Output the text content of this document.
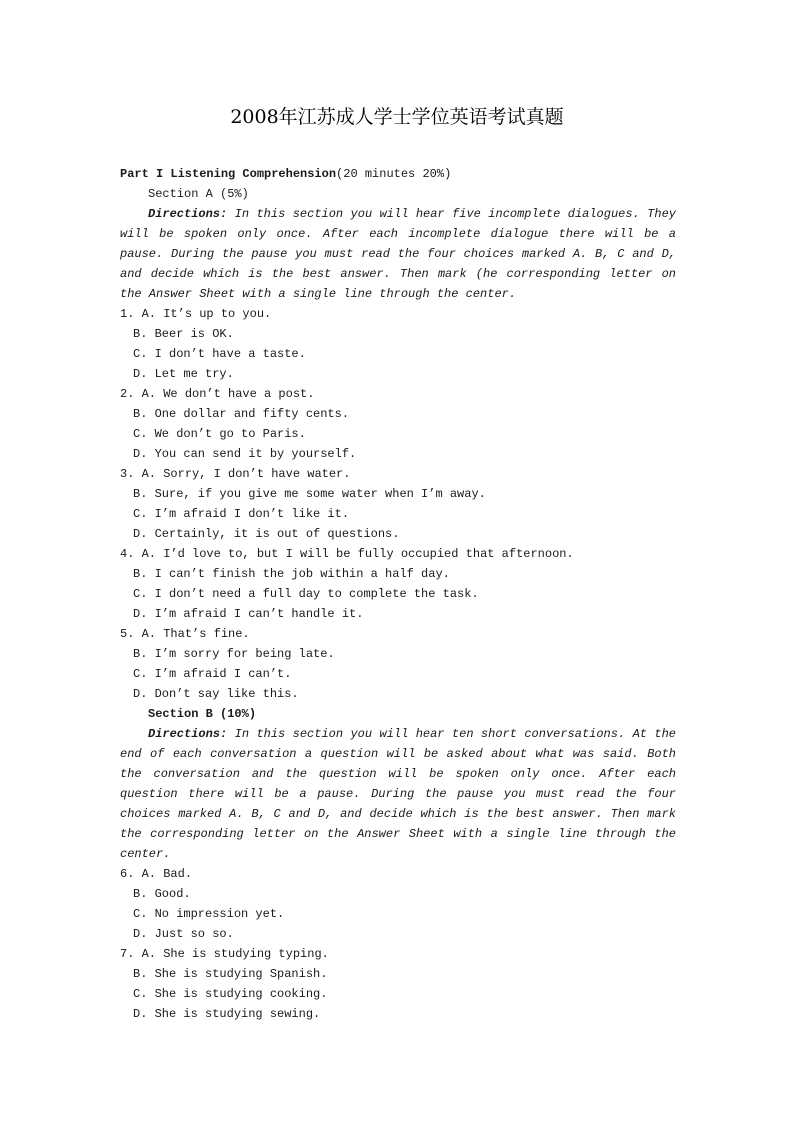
2008年江苏成人学士学位英语考试真题
Part I Listening Comprehension(20 minutes 20%)
Section A (5%)
Directions: In this section you will hear five incomplete dialogues. They will be spoken only once. After each incomplete dialogue there will be a pause. During the pause you must read the four choices marked A. B, C and D, and decide which is the best answer. Then mark (he corresponding letter on the Answer Sheet with a single line through the center.
1. A. It’s up to you.
B. Beer is OK.
C. I don’t have a taste.
D. Let me try.
2. A. We don’t have a post.
B. One dollar and fifty cents.
C. We don’t go to Paris.
D. You can send it by yourself.
3. A. Sorry, I don’t have water.
B. Sure, if you give me some water when I’m away.
C. I’m afraid I don’t like it.
D. Certainly, it is out of questions.
4. A. I’d love to, but I will be fully occupied that afternoon.
B. I can’t finish the job within a half day.
C. I don’t need a full day to complete the task.
D. I’m afraid I can’t handle it.
5. A. That’s fine.
B. I’m sorry for being late.
C. I’m afraid I can’t.
D. Don’t say like this.
Section B (10%)
Directions: In this section you will hear ten short conversations. At the end of each conversation a question will be asked about what was said. Both the conversation and the question will be spoken only once. After each question there will be a pause. During the pause you must read the four choices marked A. B, C and D, and decide which is the best answer. Then mark the corresponding letter on the Answer Sheet with a single line through the center.
6. A. Bad.
B. Good.
C. No impression yet.
D. Just so so.
7. A. She is studying typing.
B. She is studying Spanish.
C. She is studying cooking.
D. She is studying sewing.
